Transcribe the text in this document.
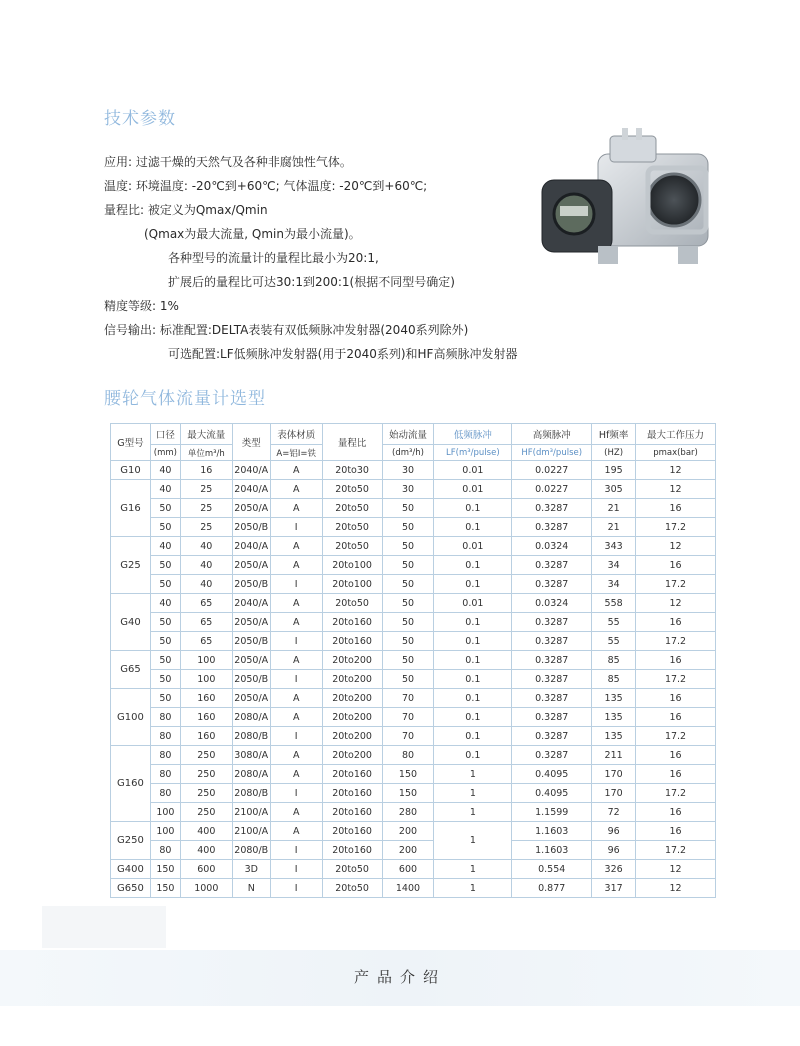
技术参数
应用: 过滤干燥的天然气及各种非腐蚀性气体。
温度: 环境温度: -20℃到+60℃; 气体温度: -20℃到+60℃;
量程比: 被定义为Qmax/Qmin
(Qmax为最大流量, Qmin为最小流量)。
各种型号的流量计的量程比最小为20:1,
扩展后的量程比可达30:1到200:1(根据不同型号确定)
精度等级: 1%
信号输出: 标准配置:DELTA表装有双低频脉冲发射器(2040系列除外)
可选配置:LF低频脉冲发射器(用于2040系列)和HF高频脉冲发射器
腰轮气体流量计选型
G型号	口径	最大流量	类型	表体材质	量程比	始动流量	低频脉冲	高频脉冲	Hf频率	最大工作压力
	(mm)	单位m³/h		A=铝I=铁		(dm³/h)	LF(m³/pulse)	HF(dm³/pulse)	(HZ)	pmax(bar)
G10	40	16	2040/A	A	20to30	30	0.01	0.0227	195	12
G16	40	25	2040/A	A	20to50	30	0.01	0.0227	305	12
	50	25	2050/A	A	20to50	50	0.1	0.3287	21	16
	50	25	2050/B	I	20to50	50	0.1	0.3287	21	17.2
G25	40	40	2040/A	A	20to50	50	0.01	0.0324	343	12
	50	40	2050/A	A	20to100	50	0.1	0.3287	34	16
	50	40	2050/B	I	20to100	50	0.1	0.3287	34	17.2
G40	40	65	2040/A	A	20to50	50	0.01	0.0324	558	12
	50	65	2050/A	A	20to160	50	0.1	0.3287	55	16
	50	65	2050/B	I	20to160	50	0.1	0.3287	55	17.2
G65	50	100	2050/A	A	20to200	50	0.1	0.3287	85	16
	50	100	2050/B	I	20to200	50	0.1	0.3287	85	17.2
G100	50	160	2050/A	A	20to200	70	0.1	0.3287	135	16
	80	160	2080/A	A	20to200	70	0.1	0.3287	135	16
	80	160	2080/B	I	20to200	70	0.1	0.3287	135	17.2
G160	80	250	3080/A	A	20to200	80	0.1	0.3287	211	16
	80	250	2080/A	A	20to160	150	1	0.4095	170	16
	80	250	2080/B	I	20to160	150	1	0.4095	170	17.2
	100	250	2100/A	A	20to160	280	1	1.1599	72	16
G250	100	400	2100/A	A	20to160	200	1	1.1603	96	16
	80	400	2080/B	I	20to160	200		1.1603	96	17.2
G400	150	600	3D	I	20to50	600	1	0.554	326	12
G650	150	1000	N	I	20to50	1400	1	0.877	317	12
产品介绍
